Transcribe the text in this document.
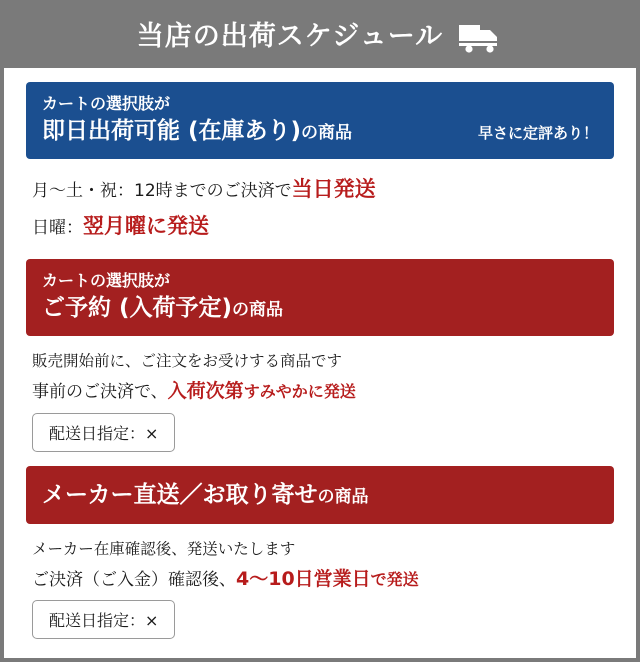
当店の出荷スケジュール
カートの選択肢が
即日出荷可能 (在庫あり)の商品	早さに定評あり！
月〜土・祝：12時までのご決済で当日発送
日曜：翌月曜に発送
カートの選択肢が
ご予約 (入荷予定)の商品
販売開始前に、ご注文をお受けする商品です
事前のご決済で、入荷次第すみやかに発送
配送日指定：×
メーカー直送／お取り寄せの商品
メーカー在庫確認後、発送いたします
ご決済（ご入金）確認後、4〜10日営業日で発送
配送日指定：×
